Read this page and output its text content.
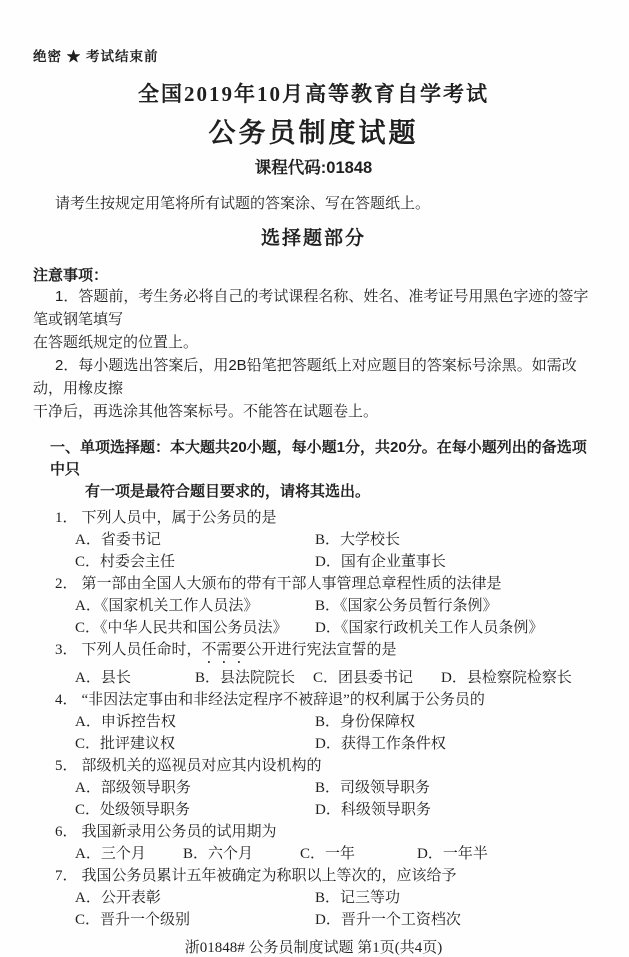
绝密 ★ 考试结束前
全国2019年10月高等教育自学考试
公务员制度试题
课程代码:01848
请考生按规定用笔将所有试题的答案涂、写在答题纸上。
选择题部分
注意事项：
1．答题前，考生务必将自己的考试课程名称、姓名、准考证号用黑色字迹的签字笔或钢笔填写
在答题纸规定的位置上。
2．每小题选出答案后，用2B铅笔把答题纸上对应题目的答案标号涂黑。如需改动，用橡皮擦
干净后，再选涂其他答案标号。不能答在试题卷上。
一、单项选择题：本大题共20小题，每小题1分，共20分。在每小题列出的备选项中只
有一项是最符合题目要求的，请将其选出。
1． 下列人员中，属于公务员的是
A．省委书记	B．大学校长
C．村委会主任	D．国有企业董事长
2． 第一部由全国人大颁布的带有干部人事管理总章程性质的法律是
A．《国家机关工作人员法》	B．《国家公务员暂行条例》
C．《中华人民共和国公务员法》	D．《国家行政机关工作人员条例》
3． 下列人员任命时，不需要公开进行宪法宣誓的是
A．县长	B．县法院院长	C．团县委书记	D．县检察院检察长
4． “非因法定事由和非经法定程序不被辞退”的权利属于公务员的
A．申诉控告权	B．身份保障权
C．批评建议权	D．获得工作条件权
5． 部级机关的巡视员对应其内设机构的
A．部级领导职务	B．司级领导职务
C．处级领导职务	D．科级领导职务
6． 我国新录用公务员的试用期为
A．三个月	B．六个月	C．一年	D．一年半
7． 我国公务员累计五年被确定为称职以上等次的，应该给予
A．公开表彰	B．记三等功
C．晋升一个级别	D．晋升一个工资档次
浙01848# 公务员制度试题 第1页(共4页)
